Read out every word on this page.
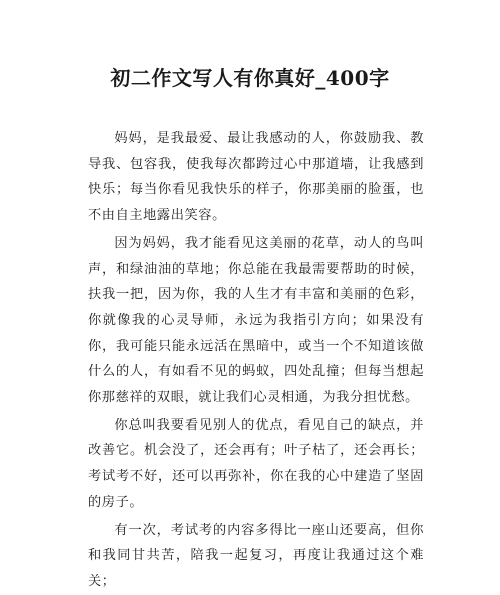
初二作文写人有你真好_400字

妈妈，是我最爱、最让我感动的人，你鼓励我、教导我、包容我，使我每次都跨过心中那道墙，让我感到快乐；每当你看见我快乐的样子，你那美丽的脸蛋，也不由自主地露出笑容。

因为妈妈，我才能看见这美丽的花草，动人的鸟叫声，和绿油油的草地；你总能在我最需要帮助的时候，扶我一把，因为你，我的人生才有丰富和美丽的色彩，你就像我的心灵导师，永远为我指引方向；如果没有你，我可能只能永远活在黑暗中，或当一个不知道该做什么的人，有如看不见的蚂蚁，四处乱撞；但每当想起你那慈祥的双眼，就让我们心灵相通，为我分担忧愁。

你总叫我要看见别人的优点，看见自己的缺点，并改善它。机会没了，还会再有；叶子枯了，还会再长；考试考不好，还可以再弥补，你在我的心中建造了坚固的房子。

有一次，考试考的内容多得比一座山还要高，但你和我同甘共苦，陪我一起复习，再度让我通过这个难关；
